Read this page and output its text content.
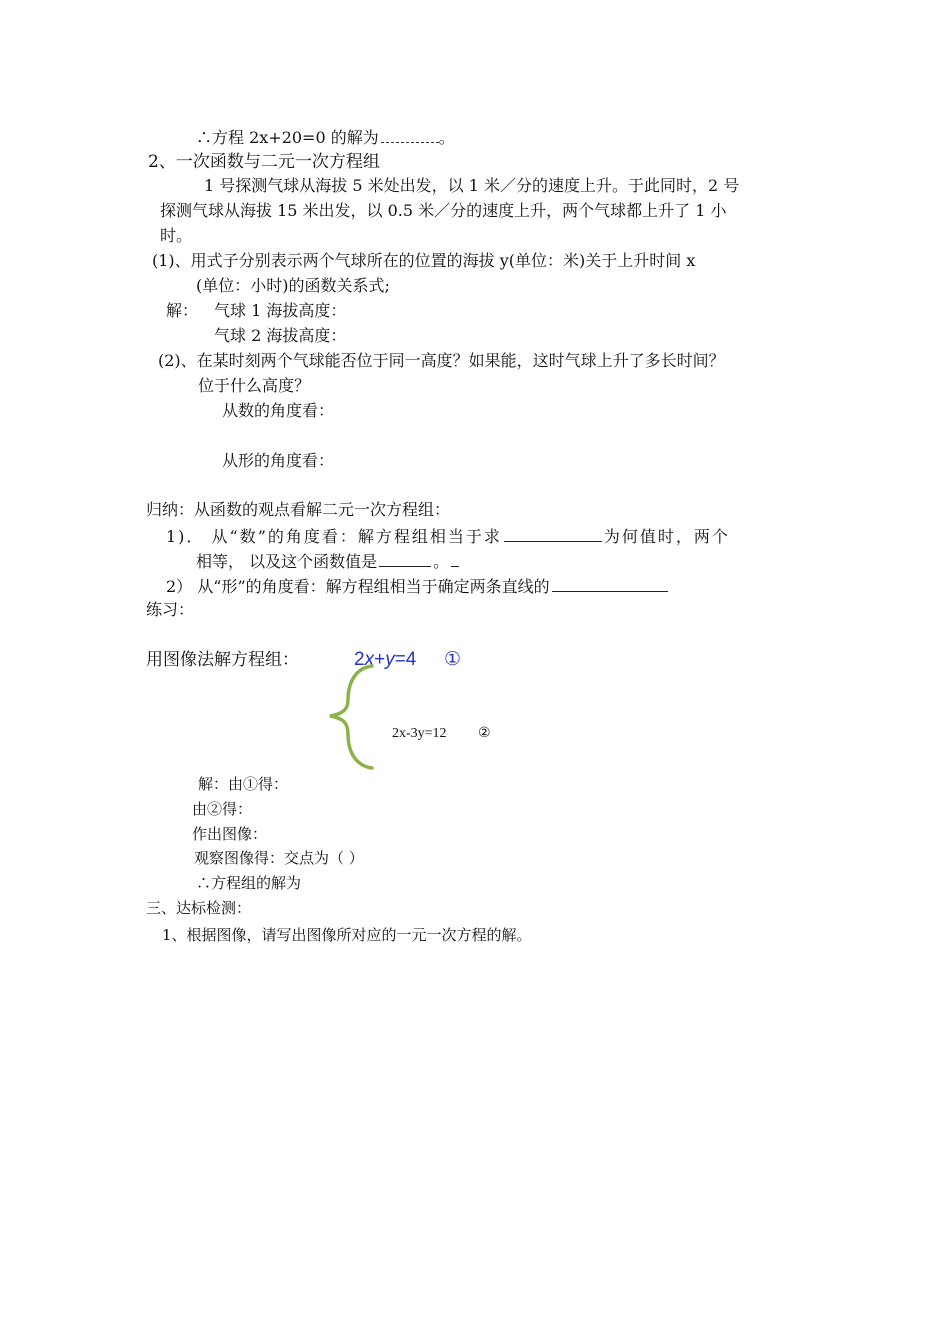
∴方程 2x+20=0 的解为	。
2、一次函数与二元一次方程组
1 号探测气球从海拔 5 米处出发，以 1 米／分的速度上升。于此同时，2 号
探测气球从海拔 15 米出发，以 0.5 米／分的速度上升，两个气球都上升了 1 小
时。
(1)、用式子分别表示两个气球所在的位置的海拔 y(单位：米)关于上升时间 x
(单位：小时)的函数关系式;
解： 气球 1 海拔高度：
气球 2 海拔高度：
(2)、在某时刻两个气球能否位于同一高度？如果能，这时气球上升了多长时间？
位于什么高度？
从数的角度看：
从形的角度看：
归纳：从函数的观点看解二元一次方程组：
1)． 从“数”的角度看：解方程组相当于求	为何值时，两个
相等， 以及这个函数值是	。
2） 从“形”的角度看：解方程组相当于确定两条直线的
练习：
用图像法解方程组：	2x+y=4 ①
2x-3y=12 ②
解：由①得：
由②得：
作出图像：
观察图像得：交点为（ ）
∴方程组的解为
三、达标检测：
1、根据图像，请写出图像所对应的一元一次方程的解。
